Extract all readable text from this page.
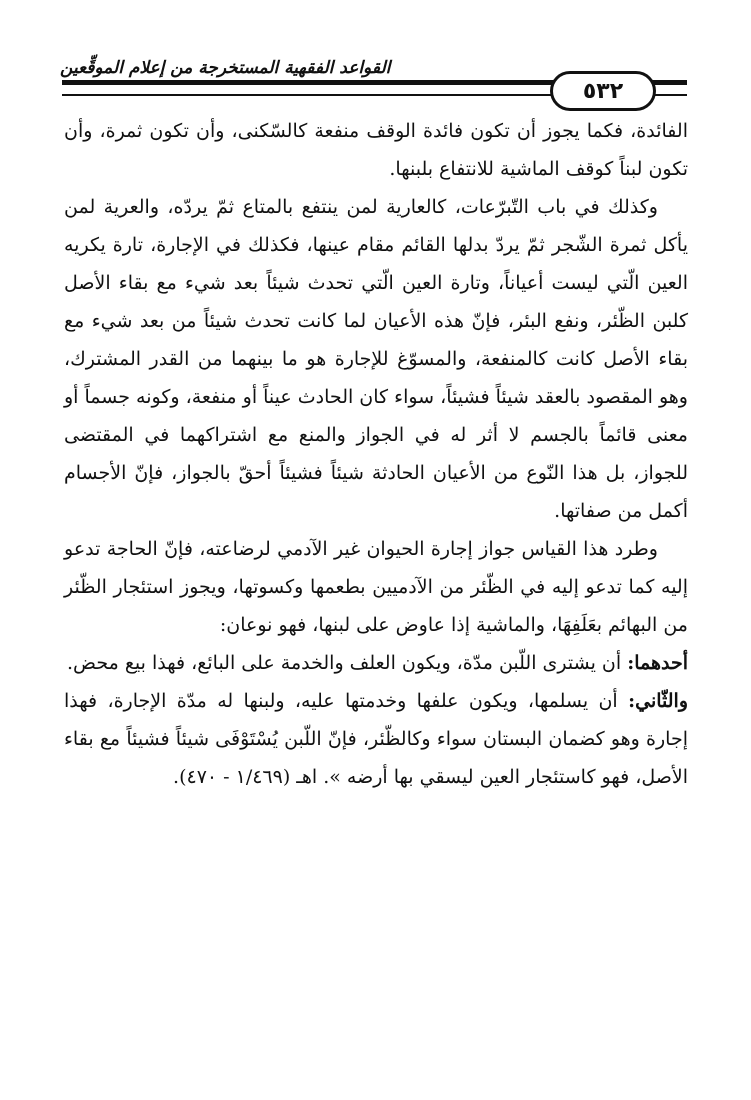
القواعد الفقهية المستخرجة من إعلام الموقِّعين
٥٣٢

الفائدة، فكما يجوز أن تكون فائدة الوقف منفعة كالسّكنى، وأن تكون ثمرة، وأن تكون لبناً كوقف الماشية للانتفاع بلبنها.

وكذلك في باب التّبرّعات، كالعارية لمن ينتفع بالمتاع ثمّ يردّه، والعرية لمن يأكل ثمرة الشّجر ثمّ يردّ بدلها القائم مقام عينها، فكذلك في الإجارة، تارة يكريه العين الّتي ليست أعياناً، وتارة العين الّتي تحدث شيئاً بعد شيء مع بقاء الأصل كلبن الظّئر، ونفع البئر، فإنّ هذه الأعيان لما كانت تحدث شيئاً من بعد شيء مع بقاء الأصل كانت كالمنفعة، والمسوّغ للإجارة هو ما بينهما من القدر المشترك، وهو المقصود بالعقد شيئاً فشيئاً، سواء كان الحادث عيناً أو منفعة، وكونه جسماً أو معنى قائماً بالجسم لا أثر له في الجواز والمنع مع اشتراكهما في المقتضى للجواز، بل هذا النّوع من الأعيان الحادثة شيئاً فشيئاً أحقّ بالجواز، فإنّ الأجسام أكمل من صفاتها.

وطرد هذا القياس جواز إجارة الحيوان غير الآدمي لرضاعته، فإنّ الحاجة تدعو إليه كما تدعو إليه في الظّئر من الآدميين بطعمها وكسوتها، ويجوز استئجار الظّئر من البهائم بعَلَفِهَا، والماشية إذا عاوض على لبنها، فهو نوعان:

أحدهما: أن يشترى اللّبن مدّة، ويكون العلف والخدمة على البائع، فهذا بيع محض.

والثّاني: أن يسلمها، ويكون علفها وخدمتها عليه، ولبنها له مدّة الإجارة، فهذا إجارة وهو كضمان البستان سواء وكالظّئر، فإنّ اللّبن يُسْتَوْفَى شيئاً فشيئاً مع بقاء الأصل، فهو كاستئجار العين ليسقي بها أرضه ». اهـ (١/٤٦٩ - ٤٧٠).
